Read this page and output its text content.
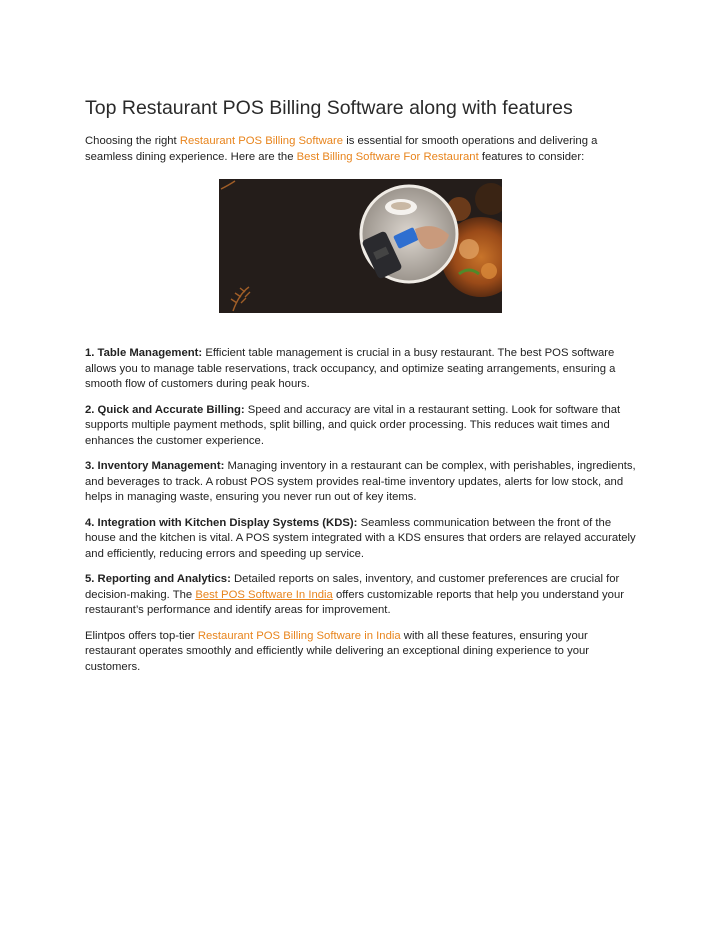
Top Restaurant POS Billing Software along with features

Choosing the right Restaurant POS Billing Software is essential for smooth operations and delivering a seamless dining experience. Here are the Best Billing Software For Restaurant features to consider:

1. Table Management: Efficient table management is crucial in a busy restaurant. The best POS software allows you to manage table reservations, track occupancy, and optimize seating arrangements, ensuring a smooth flow of customers during peak hours.

2. Quick and Accurate Billing: Speed and accuracy are vital in a restaurant setting. Look for software that supports multiple payment methods, split billing, and quick order processing. This reduces wait times and enhances the customer experience.

3. Inventory Management: Managing inventory in a restaurant can be complex, with perishables, ingredients, and beverages to track. A robust POS system provides real-time inventory updates, alerts for low stock, and helps in managing waste, ensuring you never run out of key items.

4. Integration with Kitchen Display Systems (KDS): Seamless communication between the front of the house and the kitchen is vital. A POS system integrated with a KDS ensures that orders are relayed accurately and efficiently, reducing errors and speeding up service.

5. Reporting and Analytics: Detailed reports on sales, inventory, and customer preferences are crucial for decision-making. The Best POS Software In India offers customizable reports that help you understand your restaurant’s performance and identify areas for improvement.

Elintpos offers top-tier Restaurant POS Billing Software in India with all these features, ensuring your restaurant operates smoothly and efficiently while delivering an exceptional dining experience to your customers.
